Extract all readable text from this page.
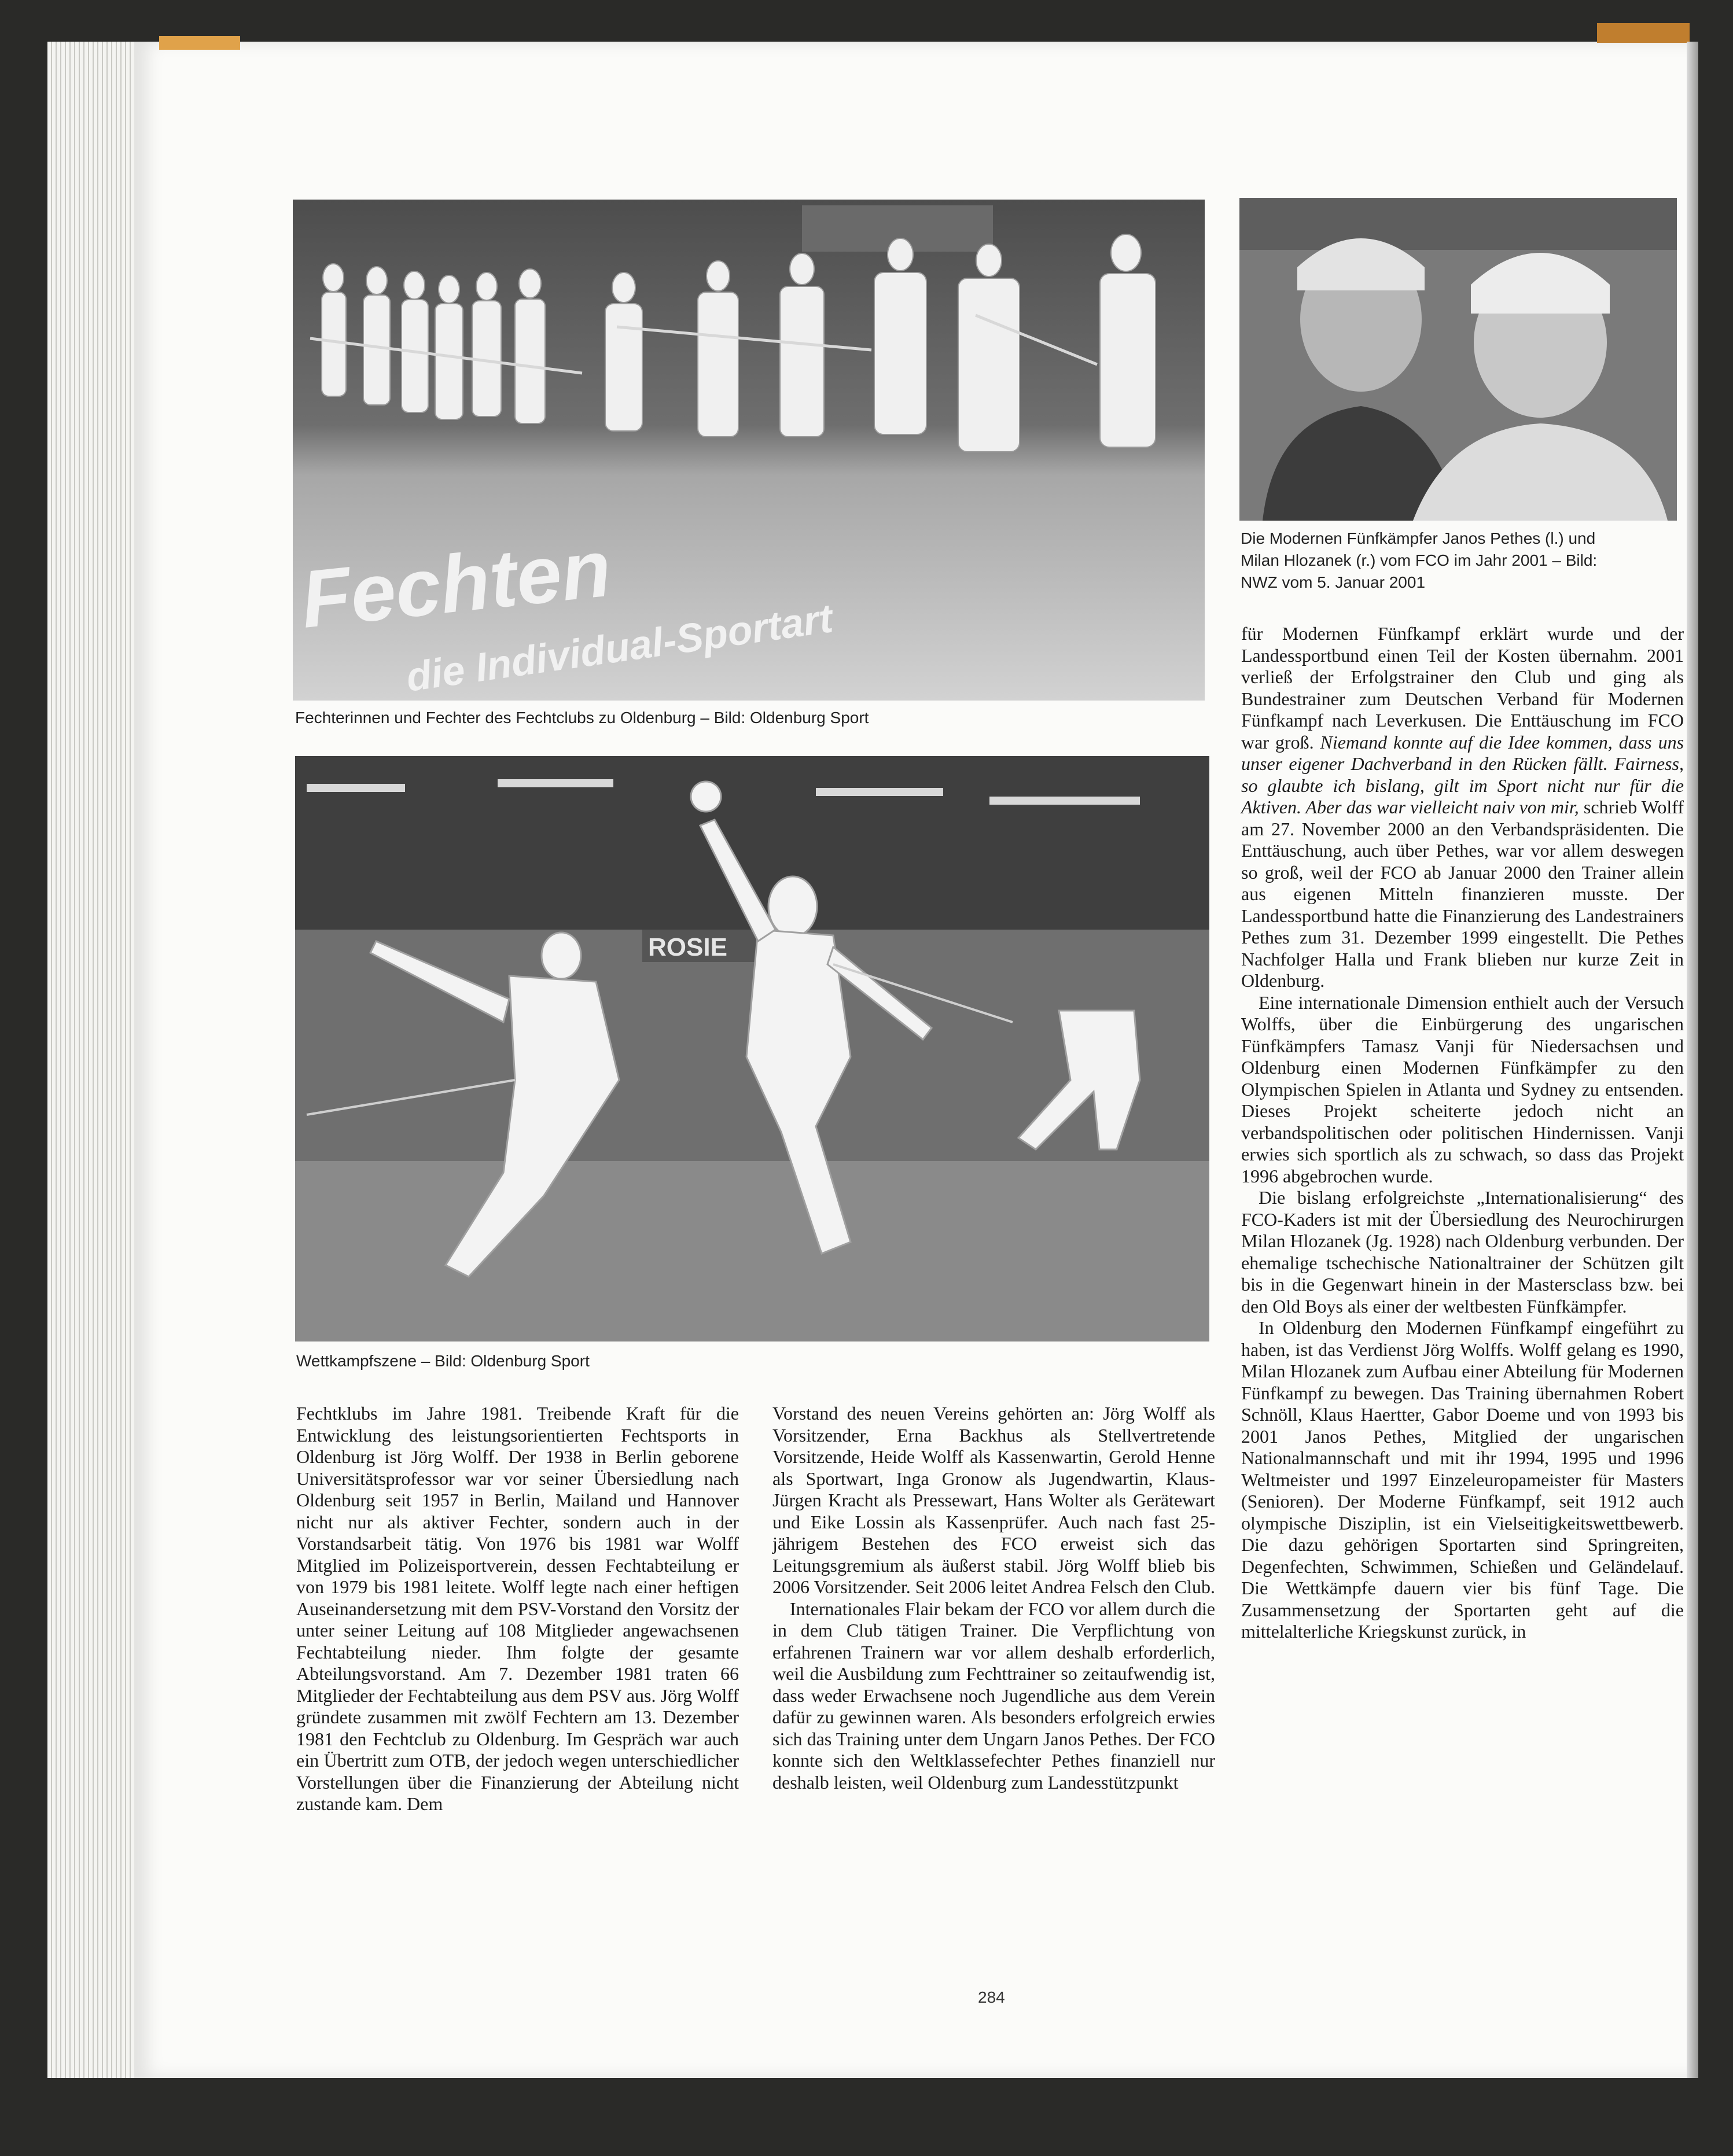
Fechten
die Individual-Sportart
Fechterinnen und Fechter des Fechtclubs zu Oldenburg – Bild: Oldenburg Sport
Die Modernen Fünfkämpfer Janos Pethes (l.) und
Milan Hlozanek (r.) vom FCO im Jahr 2001 – Bild:
NWZ vom 5. Januar 2001
ROSIE
Wettkampfszene – Bild: Oldenburg Sport

Fechtklubs im Jahre 1981. Treibende Kraft für die Entwicklung des leistungsorientierten Fechtsports in Oldenburg ist Jörg Wolff. Der 1938 in Berlin geborene Universitätsprofessor war vor seiner Übersiedlung nach Oldenburg seit 1957 in Berlin, Mailand und Hannover nicht nur als aktiver Fechter, sondern auch in der Vorstandsarbeit tätig. Von 1976 bis 1981 war Wolff Mitglied im Polizeisportverein, dessen Fechtabteilung er von 1979 bis 1981 leitete. Wolff legte nach einer heftigen Auseinandersetzung mit dem PSV-Vorstand den Vorsitz der unter seiner Leitung auf 108 Mitglieder angewachsenen Fechtabteilung nieder. Ihm folgte der gesamte Abteilungsvorstand. Am 7. Dezember 1981 traten 66 Mitglieder der Fechtabteilung aus dem PSV aus. Jörg Wolff gründete zusammen mit zwölf Fechtern am 13. Dezember 1981 den Fechtclub zu Oldenburg. Im Gespräch war auch ein Übertritt zum OTB, der jedoch wegen unterschiedlicher Vorstellungen über die Finanzierung der Abteilung nicht zustande kam. Dem

Vorstand des neuen Vereins gehörten an: Jörg Wolff als Vorsitzender, Erna Backhus als Stellvertretende Vorsitzende, Heide Wolff als Kassenwartin, Gerold Henne als Sportwart, Inga Gronow als Jugendwartin, Klaus-Jürgen Kracht als Pressewart, Hans Wolter als Gerätewart und Eike Lossin als Kassenprüfer. Auch nach fast 25-jährigem Bestehen des FCO erweist sich das Leitungsgremium als äußerst stabil. Jörg Wolff blieb bis 2006 Vorsitzender. Seit 2006 leitet Andrea Felsch den Club.

Internationales Flair bekam der FCO vor allem durch die in dem Club tätigen Trainer. Die Verpflichtung von erfahrenen Trainern war vor allem deshalb erforderlich, weil die Ausbildung zum Fechttrainer so zeitaufwendig ist, dass weder Erwachsene noch Jugendliche aus dem Verein dafür zu gewinnen waren. Als besonders erfolgreich erwies sich das Training unter dem Ungarn Janos Pethes. Der FCO konnte sich den Weltklassefechter Pethes finanziell nur deshalb leisten, weil Oldenburg zum Landesstützpunkt

für Modernen Fünfkampf erklärt wurde und der Landessportbund einen Teil der Kosten übernahm. 2001 verließ der Erfolgstrainer den Club und ging als Bundestrainer zum Deutschen Verband für Modernen Fünfkampf nach Leverkusen. Die Enttäuschung im FCO war groß. Niemand konnte auf die Idee kommen, dass uns unser eigener Dachverband in den Rücken fällt. Fairness, so glaubte ich bislang, gilt im Sport nicht nur für die Aktiven. Aber das war vielleicht naiv von mir, schrieb Wolff am 27. November 2000 an den Verbandspräsidenten. Die Enttäuschung, auch über Pethes, war vor allem deswegen so groß, weil der FCO ab Januar 2000 den Trainer allein aus eigenen Mitteln finanzieren musste. Der Landessportbund hatte die Finanzierung des Landestrainers Pethes zum 31. Dezember 1999 eingestellt. Die Pethes Nachfolger Halla und Frank blieben nur kurze Zeit in Oldenburg.

Eine internationale Dimension enthielt auch der Versuch Wolffs, über die Einbürgerung des ungarischen Fünfkämpfers Tamasz Vanji für Niedersachsen und Oldenburg einen Modernen Fünfkämpfer zu den Olympischen Spielen in Atlanta und Sydney zu entsenden. Dieses Projekt scheiterte jedoch nicht an verbandspolitischen oder politischen Hindernissen. Vanji erwies sich sportlich als zu schwach, so dass das Projekt 1996 abgebrochen wurde.

Die bislang erfolgreichste „Internationalisierung“ des FCO-Kaders ist mit der Übersiedlung des Neurochirurgen Milan Hlozanek (Jg. 1928) nach Oldenburg verbunden. Der ehemalige tschechische Nationaltrainer der Schützen gilt bis in die Gegenwart hinein in der Mastersclass bzw. bei den Old Boys als einer der weltbesten Fünfkämpfer.

In Oldenburg den Modernen Fünfkampf eingeführt zu haben, ist das Verdienst Jörg Wolffs. Wolff gelang es 1990, Milan Hlozanek zum Aufbau einer Abteilung für Modernen Fünfkampf zu bewegen. Das Training übernahmen Robert Schnöll, Klaus Haertter, Gabor Doeme und von 1993 bis 2001 Janos Pethes, Mitglied der ungarischen Nationalmannschaft und mit ihr 1994, 1995 und 1996 Weltmeister und 1997 Einzeleuropameister für Masters (Senioren). Der Moderne Fünfkampf, seit 1912 auch olympische Disziplin, ist ein Vielseitigkeitswettbewerb. Die dazu gehörigen Sportarten sind Springreiten, Degenfechten, Schwimmen, Schießen und Geländelauf. Die Wettkämpfe dauern vier bis fünf Tage. Die Zusammensetzung der Sportarten geht auf die mittelalterliche Kriegskunst zurück, in

284
